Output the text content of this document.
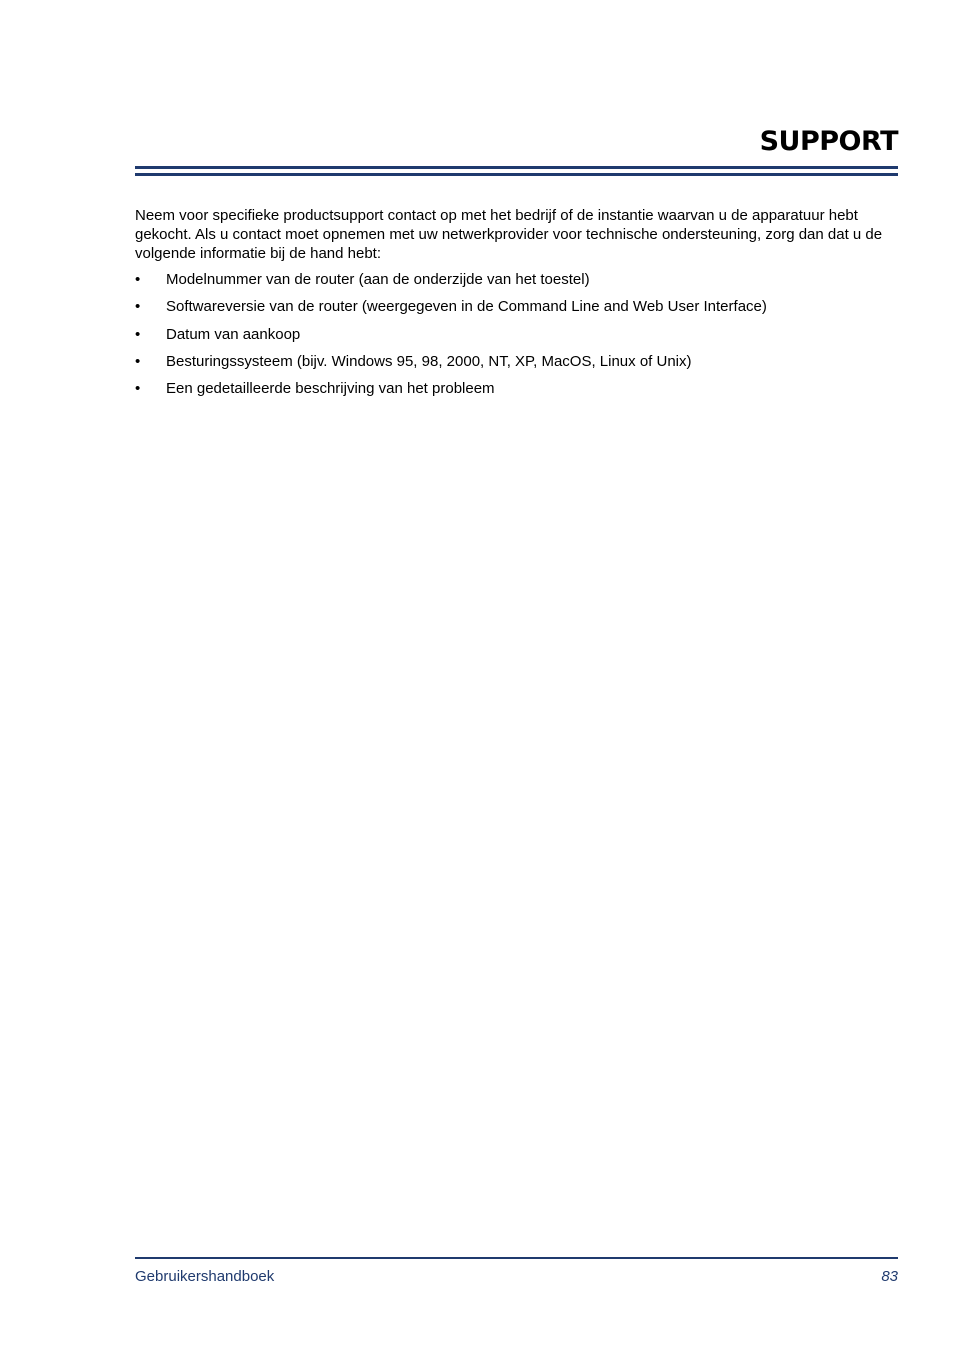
SUPPORT

Neem voor specifieke productsupport contact op met het bedrijf of de instantie waarvan u de apparatuur hebt gekocht. Als u contact moet opnemen met uw netwerkprovider voor technische ondersteuning, zorg dan dat u de volgende informatie bij de hand hebt:

•	Modelnummer van de router (aan de onderzijde van het toestel)
•	Softwareversie van de router (weergegeven in de Command Line and Web User Interface)
•	Datum van aankoop
•	Besturingssysteem (bijv. Windows 95, 98, 2000, NT, XP, MacOS, Linux of Unix)
•	Een gedetailleerde beschrijving van het probleem
Gebruikershandboek	83
